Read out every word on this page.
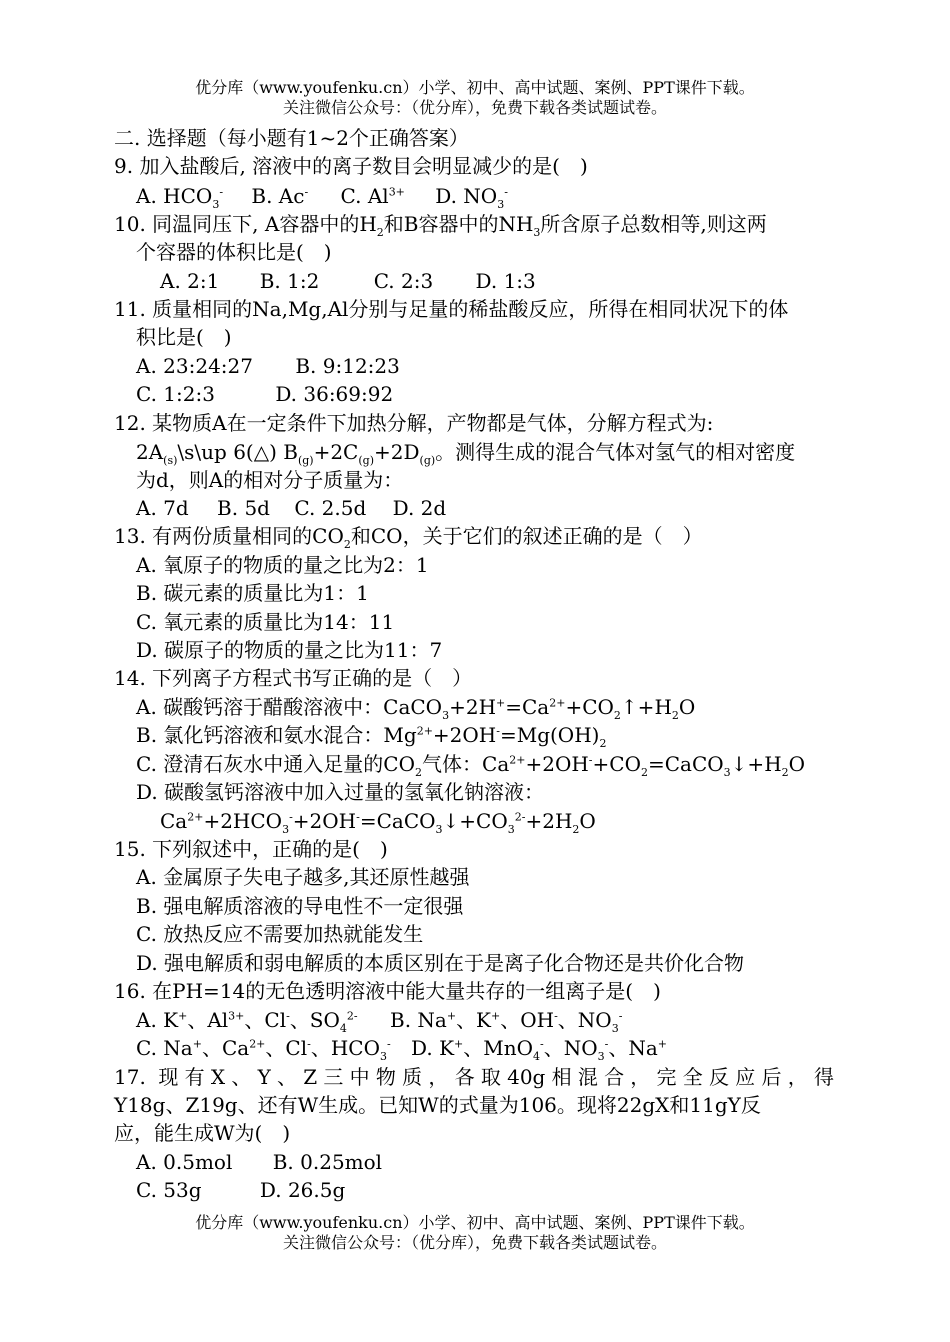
优分库（www.youfenku.cn）小学、初中、高中试题、案例、PPT课件下载。
关注微信公众号：（优分库），免费下载各类试题试卷。
二. 选择题（每小题有1~2个正确答案）
9. 加入盐酸后, 溶液中的离子数目会明显减少的是(　)
A. $HCO_3^-$ B. Ac- C. $Al^{3+}$ D. $NO_3^-$
10. 同温同压下, A容器中的$H_2$和B容器中的$NH_3$所含原子总数相等,则这两
个容器的体积比是(　)
A. 2:1 B. 1:2	C. 2:3 D. 1:3
11. 质量相同的Na,Mg,Al分别与足量的稀盐酸反应，所得在相同状况下的体
积比是(　)
A. 23:24:27 B. 9:12:23
C. 1:2:3	D. 36:69:92
12. 某物质A在一定条件下加热分解，产物都是气体，分解方程式为:
$2A_{(s)}\backslash s\backslash up$ 6(△) $B_{(g)}+2C_{(g)}+2D_{(g)}$。测得生成的混合气体对氢气的相对密度
为d，则A的相对分子质量为：
A. 7d B. 5d C. 2.5d D. 2d
13. 有两份质量相同的$CO_2$和CO，关于它们的叙述正确的是（　）
A. 氧原子的物质的量之比为2：1
B. 碳元素的质量比为1：1
C. 氧元素的质量比为14：11
D. 碳原子的物质的量之比为11：7
14. 下列离子方程式书写正确的是（　）
A. 碳酸钙溶于醋酸溶液中：$CaCO_3+2H^+=Ca^{2+}+CO_2↑+H_2O$
B. 氯化钙溶液和氨水混合：$Mg^{2+}+2OH^-=Mg(OH)_2$
C. 澄清石灰水中通入足量的$CO_2$气体：$Ca^{2+}+2OH^-+CO_2=CaCO_3↓+H_2O$
D. 碳酸氢钙溶液中加入过量的氢氧化钠溶液：
$Ca^{2+}+2HCO_3^-+2OH^-=CaCO_3↓+CO_3^{2-}+2H_2O$
15. 下列叙述中，正确的是(　)
A. 金属原子失电子越多,其还原性越强
B. 强电解质溶液的导电性不一定很强
C. 放热反应不需要加热就能发生
D. 强电解质和弱电解质的本质区别在于是离子化合物还是共价化合物
16. 在PH=14的无色透明溶液中能大量共存的一组离子是(　)
A. K+、$Al^{3+}$、Cl-、$SO_4^{2-}$ B. Na+、K+、OH-、$NO_3^-$
C. Na+、$Ca^{2+}$、Cl-、$HCO_3^-$ D. K+、MnO$_4$-、$NO_3^-$、Na+
17. 现有X、Y、Z三中物质，各取40g相混合，完全反应后，得
Y18g、Z19g、还有W生成。已知W的式量为106。现将22gX和11gY反
应，能生成W为(　)
A. 0.5mol B. 0.25mol
C. 53g	D. 26.5g
优分库（www.youfenku.cn）小学、初中、高中试题、案例、PPT课件下载。
关注微信公众号：（优分库），免费下载各类试题试卷。
